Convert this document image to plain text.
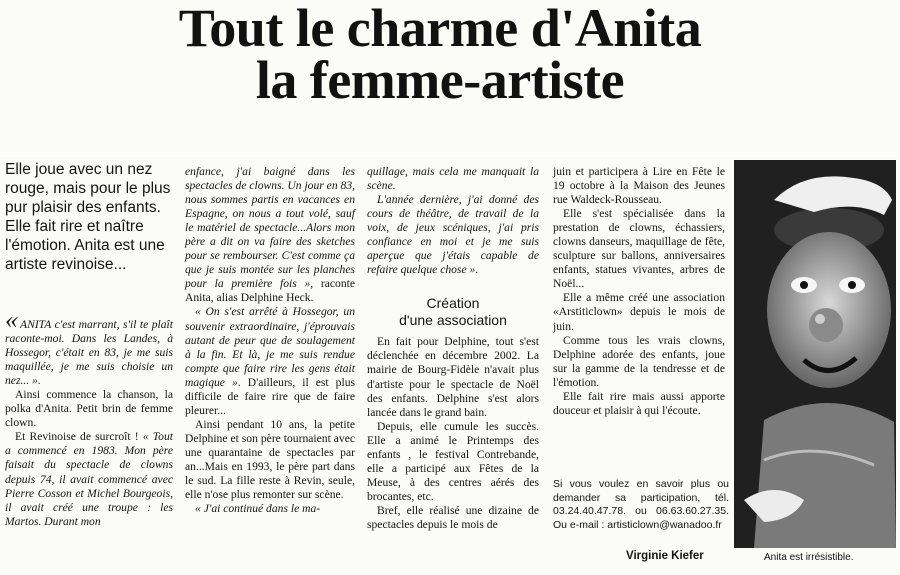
Tout le charme d'Anita
la femme-artiste
Elle joue avec un nez rouge, mais pour le plus pur plaisir des enfants. Elle fait rire et naître l'émotion. Anita est une artiste revinoise...

« ANITA c'est marrant, s'il te plaît raconte-moi. Dans les Landes, à Hossegor, c'était en 83, je me suis maquillée, je me suis choisie un nez... ».

Ainsi commence la chanson, la polka d'Anita. Petit brin de femme clown.

Et Revinoise de surcroît ! « Tout a commencé en 1983. Mon père faisait du spectacle de clowns depuis 74, il avait commencé avec Pierre Cosson et Michel Bourgeois, il avait créé une troupe : les Martos. Durant mon

enfance, j'ai baigné dans les spectacles de clowns. Un jour en 83, nous sommes partis en vacances en Espagne, on nous a tout volé, sauf le matériel de spectacle...Alors mon père a dit on va faire des sketches pour se rembourser. C'est comme ça que je suis montée sur les planches pour la première fois », raconte Anita, alias Delphine Heck.

« On s'est arrêté à Hossegor, un souvenir extraordinaire, j'éprouvais autant de peur que de soulagement à la fin. Et là, je me suis rendue compte que faire rire les gens était magique ». D'ailleurs, il est plus difficile de faire rire que de faire pleurer...

Ainsi pendant 10 ans, la petite Delphine et son père tournaient avec une quarantaine de spectacles par an...Mais en 1993, le père part dans le sud. La fille reste à Revin, seule, elle n'ose plus remonter sur scène.

« J'ai continué dans le ma-

quillage, mais cela me manquait la scène.

L'année dernière, j'ai donné des cours de théâtre, de travail de la voix, de jeux scéniques, j'ai pris confiance en moi et je me suis aperçue que j'étais capable de refaire quelque chose ».

Création
d'une association

En fait pour Delphine, tout s'est déclenchée en décembre 2002. La mairie de Bourg-Fidèle n'avait plus d'artiste pour le spectacle de Noël des enfants. Delphine s'est alors lancée dans le grand bain.

Depuis, elle cumule les succès. Elle a animé le Printemps des enfants , le festival Contrebande, elle a participé aux Fêtes de la Meuse, à des centres aérés des brocantes, etc.

Bref, elle réalisé une dizaine de spectacles depuis le mois de

juin et participera à Lire en Fête le 19 octobre à la Maison des Jeunes rue Waldeck-Rousseau.

Elle s'est spécialisée dans la prestation de clowns, échassiers, clowns danseurs, maquillage de fête, sculpture sur ballons, anniversaires enfants, statues vivantes, arbres de Noël...

Elle a même créé une association «Arstiticlown» depuis le mois de juin.

Comme tous les vrais clowns, Delphine adorée des enfants, joue sur la gamme de la tendresse et de l'émotion.

Elle fait rire mais aussi apporte douceur et plaisir à qui l'écoute.

Si vous voulez en savoir plus ou demander sa participation, tél. 03.24.40.47.78. ou 06.63.60.27.35. Ou e-mail : artisticlown@wanadoo.fr
Virginie Kiefer	Anita est irrésistible.
